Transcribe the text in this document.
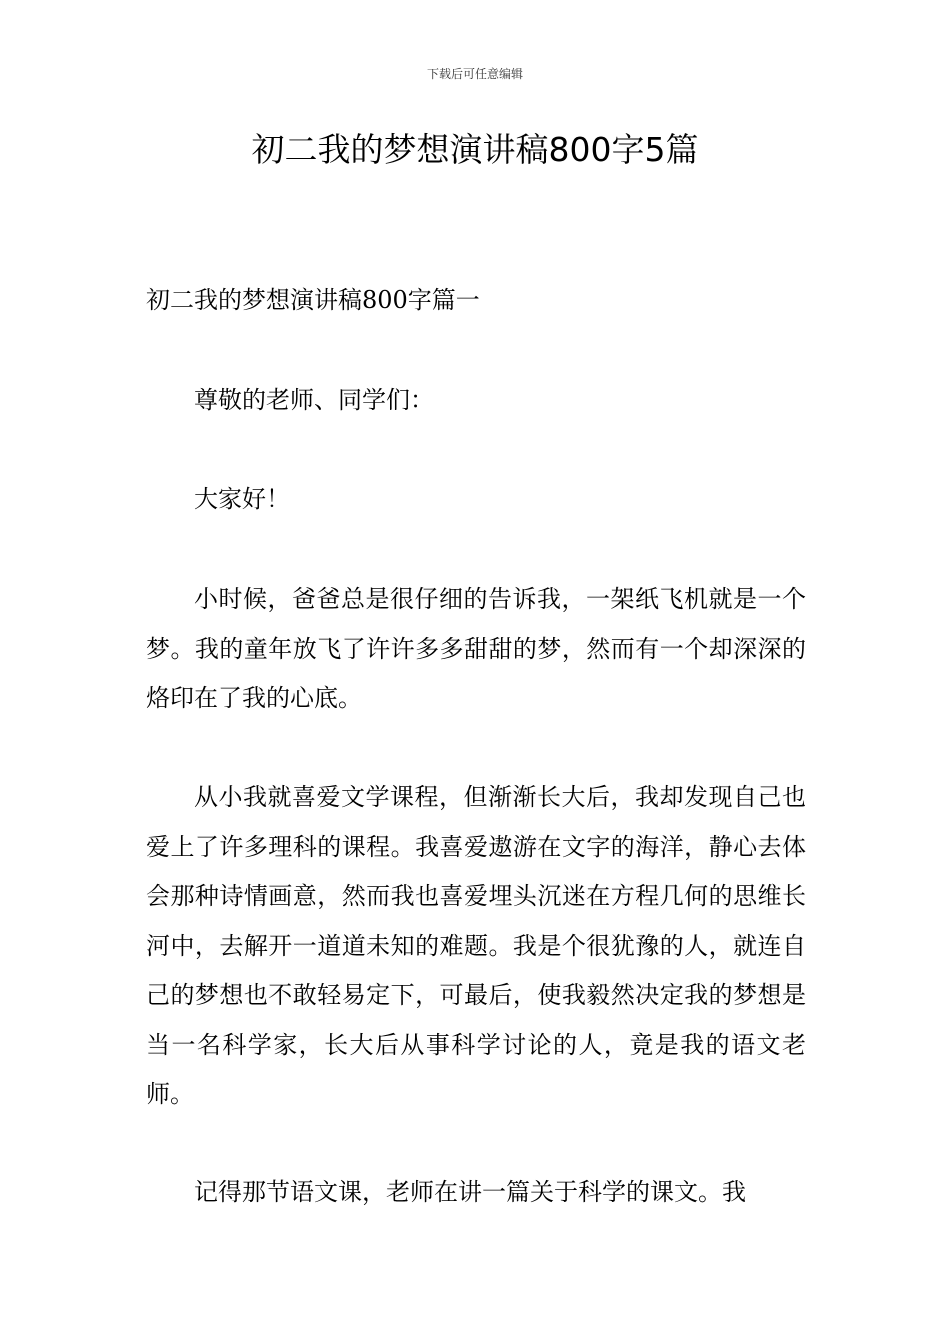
下载后可任意编辑
初二我的梦想演讲稿800字5篇
初二我的梦想演讲稿800字篇一

尊敬的老师、同学们：

大家好！

小时候，爸爸总是很仔细的告诉我，一架纸飞机就是一个梦。我的童年放飞了许许多多甜甜的梦，然而有一个却深深的烙印在了我的心底。

从小我就喜爱文学课程，但渐渐长大后，我却发现自己也爱上了许多理科的课程。我喜爱遨游在文字的海洋，静心去体会那种诗情画意，然而我也喜爱埋头沉迷在方程几何的思维长河中，去解开一道道未知的难题。我是个很犹豫的人，就连自己的梦想也不敢轻易定下，可最后，使我毅然决定我的梦想是当一名科学家，长大后从事科学讨论的人，竟是我的语文老师。

记得那节语文课，老师在讲一篇关于科学的课文。我
